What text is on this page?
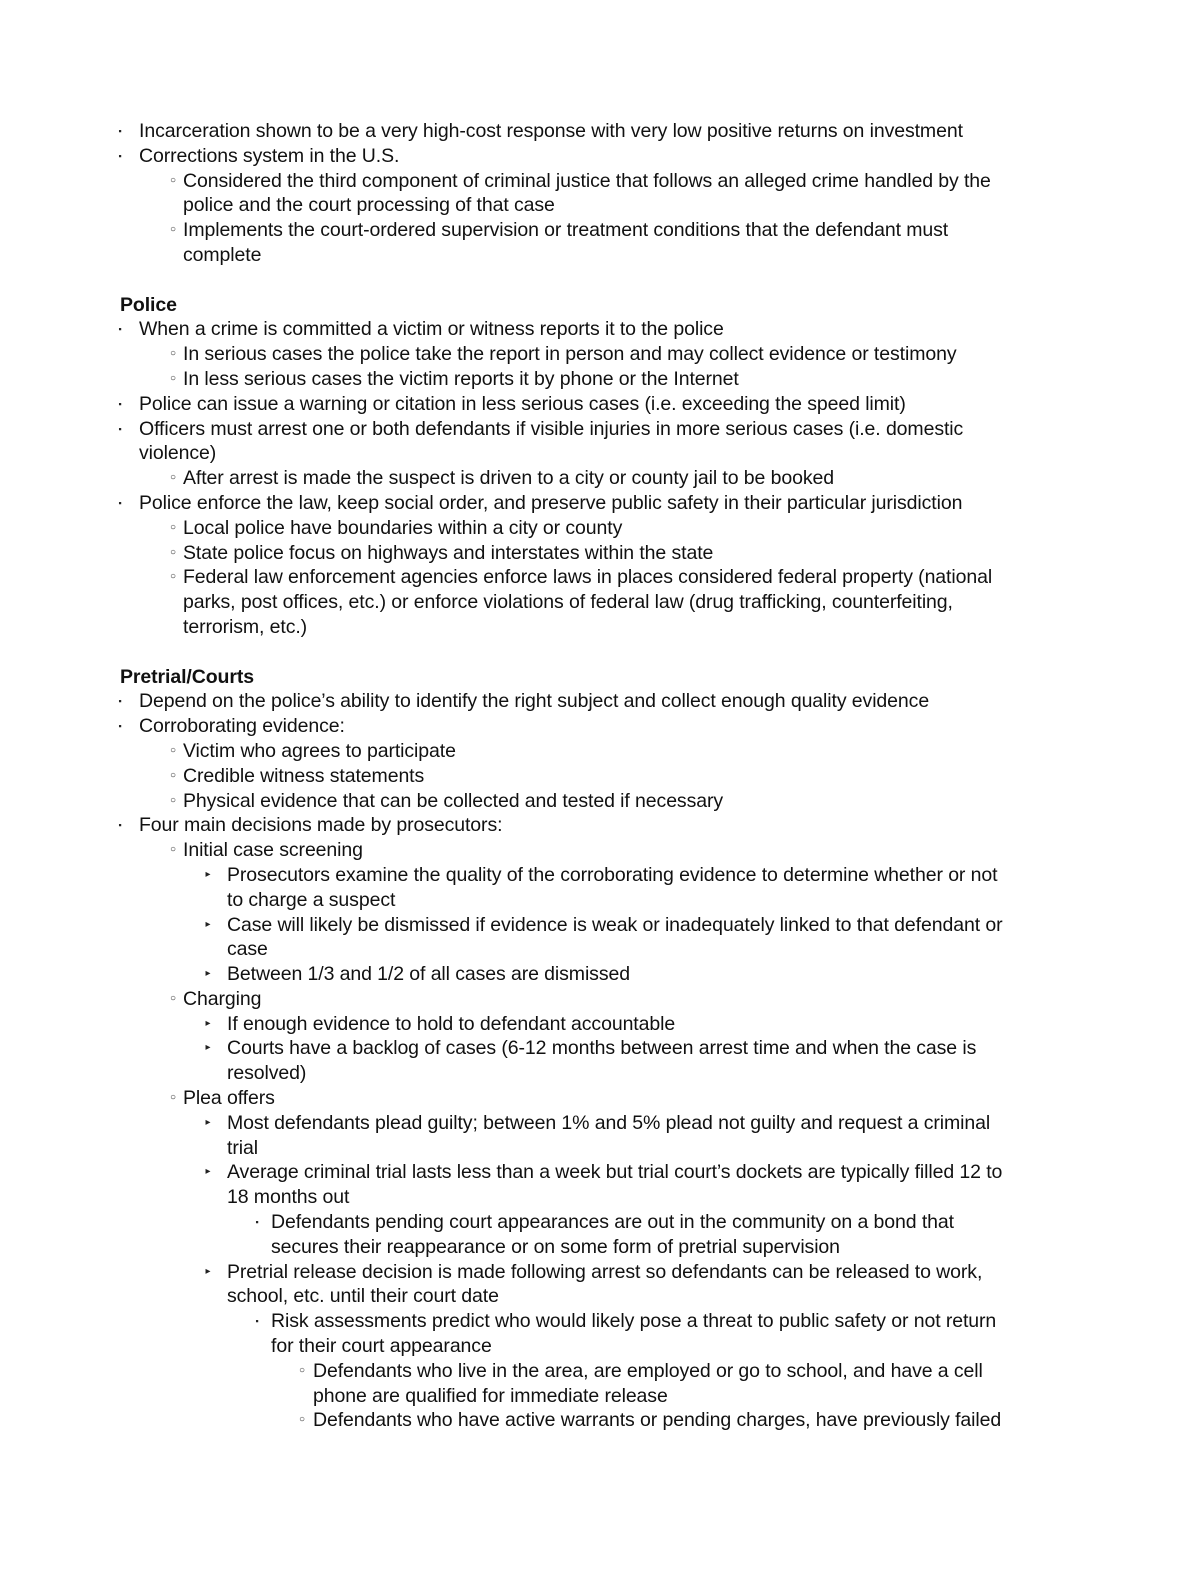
▪ Incarceration shown to be a very high-cost response with very low positive returns on investment
▪ Corrections system in the U.S.
○ Considered the third component of criminal justice that follows an alleged crime handled by the
police and the court processing of that case
○ Implements the court-ordered supervision or treatment conditions that the defendant must
complete
Police
▪ When a crime is committed a victim or witness reports it to the police
○ In serious cases the police take the report in person and may collect evidence or testimony
○ In less serious cases the victim reports it by phone or the Internet
▪ Police can issue a warning or citation in less serious cases (i.e. exceeding the speed limit)
▪ Officers must arrest one or both defendants if visible injuries in more serious cases (i.e. domestic
violence)
○ After arrest is made the suspect is driven to a city or county jail to be booked
▪ Police enforce the law, keep social order, and preserve public safety in their particular jurisdiction
○ Local police have boundaries within a city or county
○ State police focus on highways and interstates within the state
○ Federal law enforcement agencies enforce laws in places considered federal property (national
parks, post offices, etc.) or enforce violations of federal law (drug trafficking, counterfeiting,
terrorism, etc.)
Pretrial/Courts
▪ Depend on the police’s ability to identify the right subject and collect enough quality evidence
▪ Corroborating evidence:
○ Victim who agrees to participate
○ Credible witness statements
○ Physical evidence that can be collected and tested if necessary
▪ Four main decisions made by prosecutors:
○ Initial case screening
▸ Prosecutors examine the quality of the corroborating evidence to determine whether or not
to charge a suspect
▸ Case will likely be dismissed if evidence is weak or inadequately linked to that defendant or
case
▸ Between 1/3 and 1/2 of all cases are dismissed
○ Charging
▸ If enough evidence to hold to defendant accountable
▸ Courts have a backlog of cases (6-12 months between arrest time and when the case is
resolved)
○ Plea offers
▸ Most defendants plead guilty; between 1% and 5% plead not guilty and request a criminal
trial
▸ Average criminal trial lasts less than a week but trial court’s dockets are typically filled 12 to
18 months out
▪ Defendants pending court appearances are out in the community on a bond that
secures their reappearance or on some form of pretrial supervision
▸ Pretrial release decision is made following arrest so defendants can be released to work,
school, etc. until their court date
▪ Risk assessments predict who would likely pose a threat to public safety or not return
for their court appearance
○ Defendants who live in the area, are employed or go to school, and have a cell
phone are qualified for immediate release
○ Defendants who have active warrants or pending charges, have previously failed
